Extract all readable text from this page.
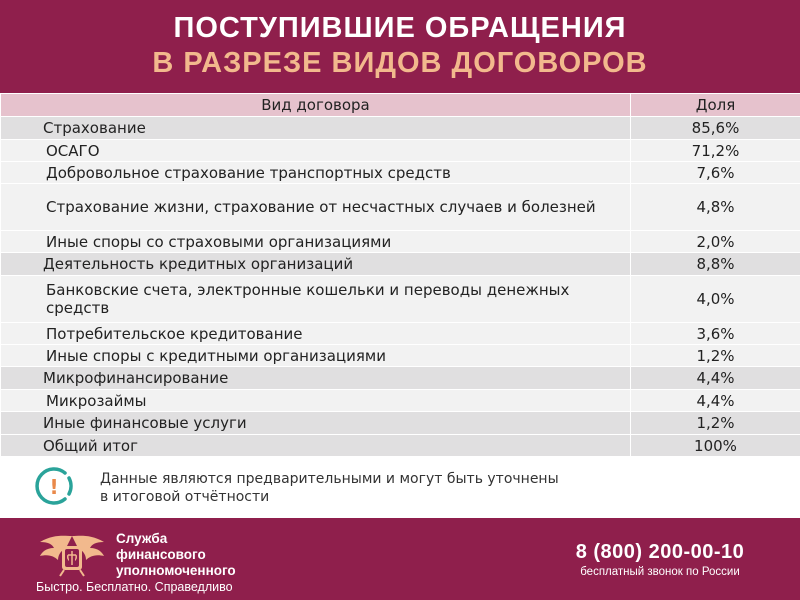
ПОСТУПИВШИЕ ОБРАЩЕНИЯ
В РАЗРЕЗЕ ВИДОВ ДОГОВОРОВ
Вид договора	Доля
Страхование	85,6%
ОСАГО	71,2%
Добровольное страхование транспортных средств	7,6%
Страхование жизни, страхование от несчастных случаев и болезней	4,8%
Иные споры со страховыми организациями	2,0%
Деятельность кредитных организаций	8,8%
Банковские счета, электронные кошельки и переводы денежных средств	4,0%
Потребительское кредитование	3,6%
Иные споры с кредитными организациями	1,2%
Микрофинансирование	4,4%
Микрозаймы	4,4%
Иные финансовые услуги	1,2%
Общий итог	100%
!	Данные являются предварительными и могут быть уточнены в итоговой отчётности
Служба
финансового
уполномоченного
Быстро. Бесплатно. Справедливо
8 (800) 200-00-10
бесплатный звонок по России
